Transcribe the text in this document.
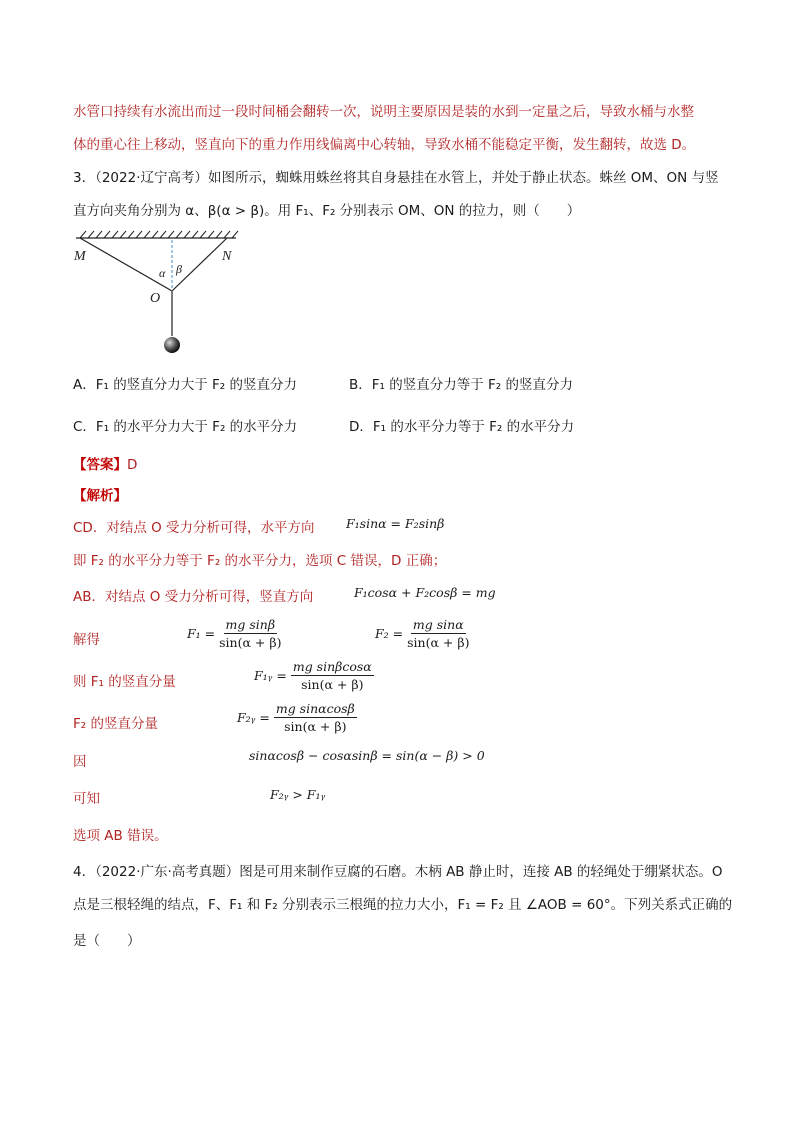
水管口持续有水流出而过一段时间桶会翻转一次，说明主要原因是装的水到一定量之后，导致水桶与水整
体的重心往上移动，竖直向下的重力作用线偏离中心转轴，导致水桶不能稳定平衡，发生翻转，故选 D。
3．（2022·辽宁高考）如图所示，蜘蛛用蛛丝将其自身悬挂在水管上，并处于静止状态。蛛丝 OM、ON 与竖
直方向夹角分别为 α、β(α > β)。用 F₁、F₂ 分别表示 OM、ON 的拉力，则（　　）
M	N
O
α β
A．F₁ 的竖直分力大于 F₂ 的竖直分力	B．F₁ 的竖直分力等于 F₂ 的竖直分力
C．F₁ 的水平分力大于 F₂ 的水平分力	D．F₁ 的水平分力等于 F₂ 的水平分力
【答案】D
【解析】
CD．对结点 O 受力分析可得，水平方向	F₁sinα = F₂sinβ
即 F₂ 的水平分力等于 F₂ 的水平分力，选项 C 错误，D 正确；
AB．对结点 O 受力分析可得，竖直方向	F₁cosα + F₂cosβ = mg
解得	$F_1 = \frac{\text{mg sinβ}}{\sin(\alpha + \beta)}$	$F_2 = \frac{\text{mg sinα}}{\sin(\alpha + \beta)}$
则 F₁ 的竖直分量	F₁ᵧ = $\frac{\text{mg sinβcosα}}{\sin(\alpha + \beta)}$
F₂ 的竖直分量	F₂ᵧ = $\frac{\text{mg sinαcosβ}}{\sin(\alpha + \beta)}$
因	sinαcosβ − cosαsinβ = sin(α − β) > 0
可知	F₂ᵧ > F₁ᵧ
选项 AB 错误。
4．（2022·广东·高考真题）图是可用来制作豆腐的石磨。木柄 AB 静止时，连接 AB 的轻绳处于绷紧状态。O
点是三根轻绳的结点，F、F₁ 和 F₂ 分别表示三根绳的拉力大小，F₁ = F₂ 且 ∠AOB = 60°。下列关系式正确的
是（　　）
